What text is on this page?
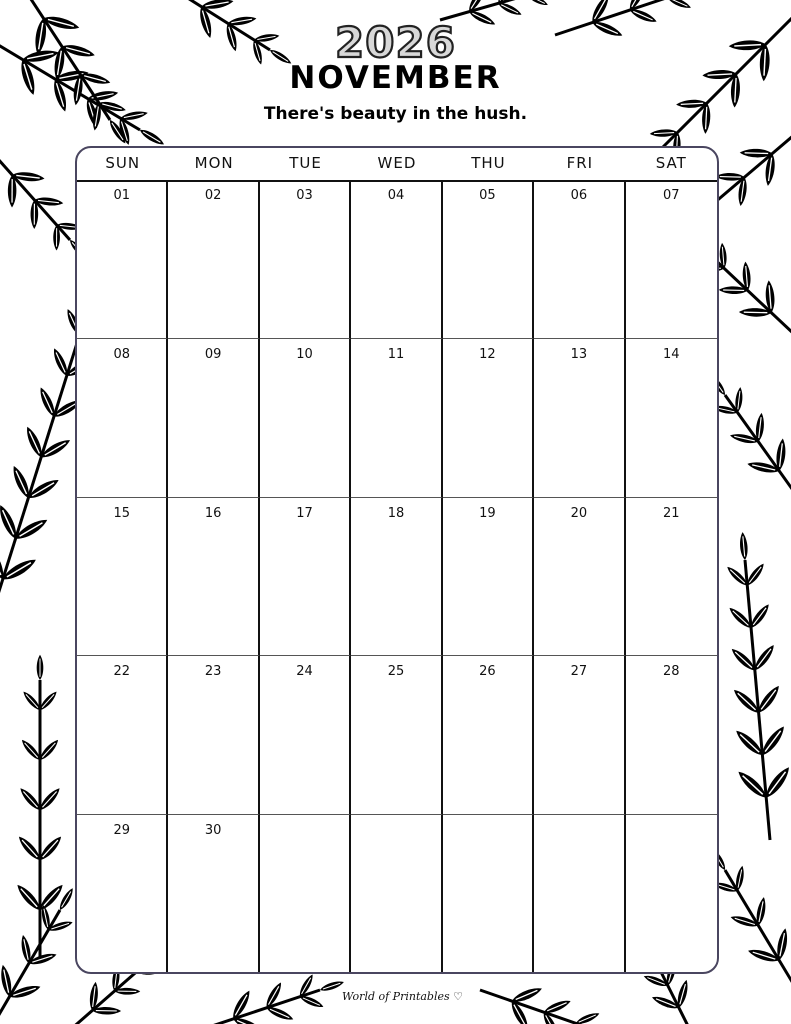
2026
NOVEMBER
There's beauty in the hush.
SUN	MON	TUE	WED	THU	FRI	SAT
01	02	03	04	05	06	07
08	09	10	11	12	13	14
15	16	17	18	19	20	21
22	23	24	25	26	27	28
29	30
World of Printables ♡
